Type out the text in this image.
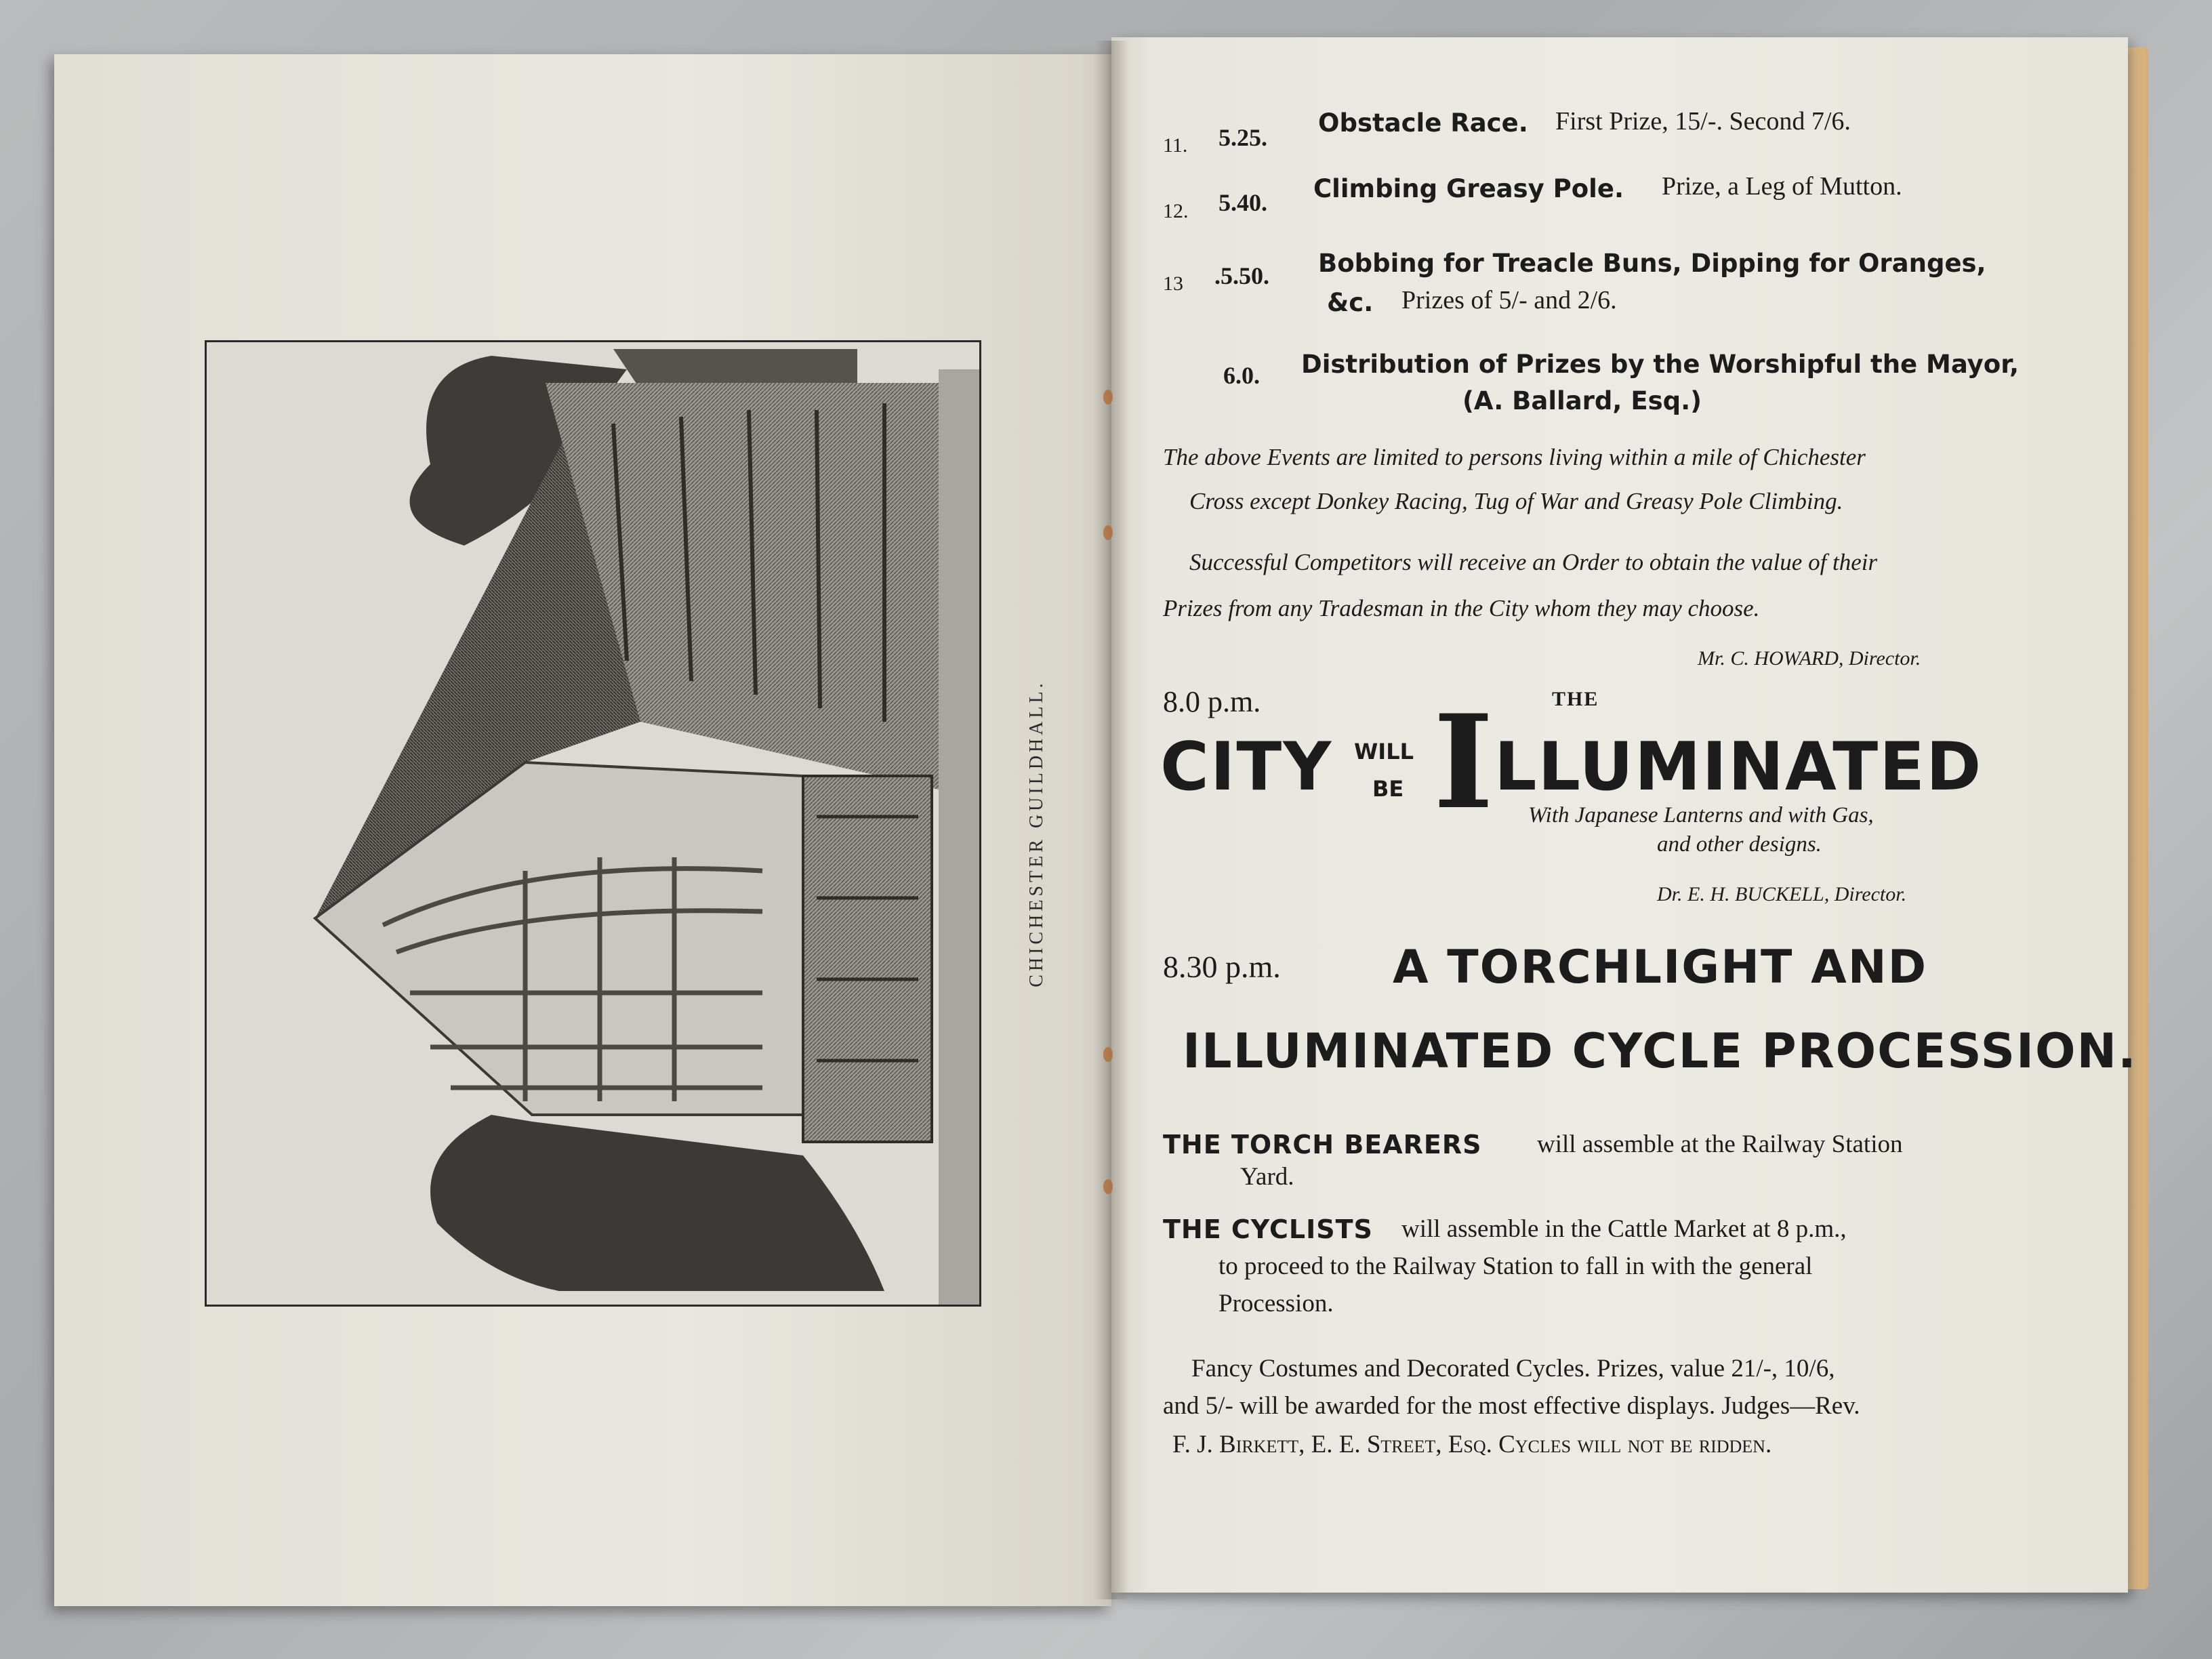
CHICHESTER GUILDHALL.
11. 5.25. Obstacle Race. First Prize, 15/-. Second 7/6.
12. 5.40. Climbing Greasy Pole. Prize, a Leg of Mutton.
13 .5.50. Bobbing for Treacle Buns, Dipping for Oranges,
&c. Prizes of 5/- and 2/6.
6.0. Distribution of Prizes by the Worshipful the Mayor,
(A. Ballard, Esq.)
The above Events are limited to persons living within a mile of Chichester
Cross except Donkey Racing, Tug of War and Greasy Pole Climbing.
Successful Competitors will receive an Order to obtain the value of their
Prizes from any Tradesman in the City whom they may choose.
Mr. C. HOWARD, Director.
8.0 p.m.	THE
CITY WILL
BE I LLUMINATED
With Japanese Lanterns and with Gas,
and other designs.
Dr. E. H. BUCKELL, Director.
8.30 p.m. A TORCHLIGHT AND
ILLUMINATED CYCLE PROCESSION.
THE TORCH BEARERS will assemble at the Railway Station
Yard.
THE CYCLISTS will assemble in the Cattle Market at 8 p.m.,
to proceed to the Railway Station to fall in with the general
Procession.
Fancy Costumes and Decorated Cycles. Prizes, value 21/-, 10/6,
and 5/- will be awarded for the most effective displays. Judges—Rev.
F. J. Birkett, E. E. Street, Esq. Cycles will not be ridden.
